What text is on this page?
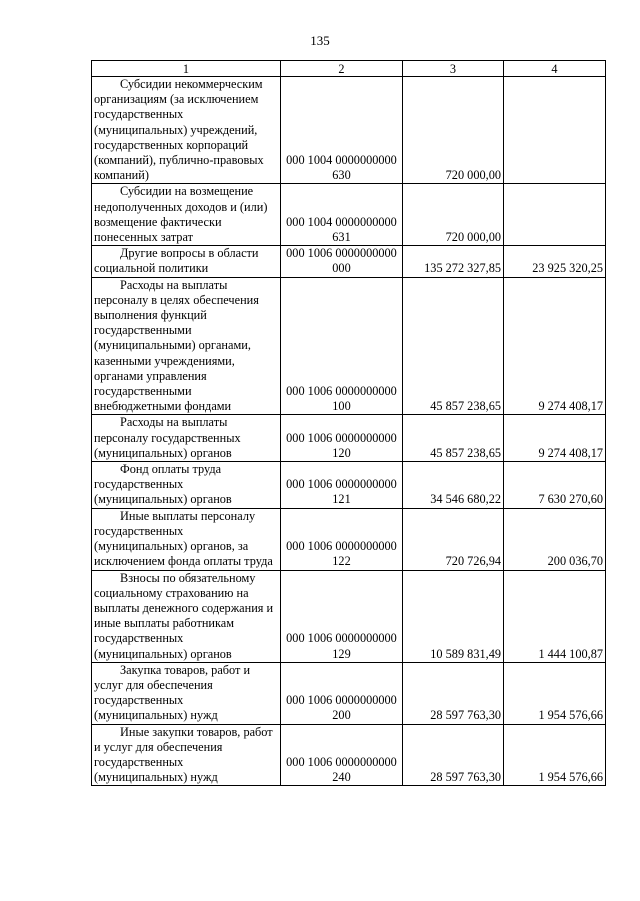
135
1	2	3	4

Субсидии некоммерческим организациям (за исключением государственных (муниципальных) учреждений, государственных корпораций (компаний), публично-правовых компаний)	000 1004 0000000000
630	720 000,00	

Субсидии на возмещение недополученных доходов и (или) возмещение фактически понесенных затрат	000 1004 0000000000
631	720 000,00	

Другие вопросы в области социальной политики	000 1006 0000000000
000	135 272 327,85	23 925 320,25

Расходы на выплаты персоналу в целях обеспечения выполнения функций государственными (муниципальными) органами, казенными учреждениями, органами управления государственными внебюджетными фондами	000 1006 0000000000
100	45 857 238,65	9 274 408,17

Расходы на выплаты персоналу государственных (муниципальных) органов	000 1006 0000000000
120	45 857 238,65	9 274 408,17

Фонд оплаты труда государственных (муниципальных) органов	000 1006 0000000000
121	34 546 680,22	7 630 270,60

Иные выплаты персоналу государственных (муниципальных) органов, за исключением фонда оплаты труда	000 1006 0000000000
122	720 726,94	200 036,70

Взносы по обязательному социальному страхованию на выплаты денежного содержания и иные выплаты работникам государственных (муниципальных) органов	000 1006 0000000000
129	10 589 831,49	1 444 100,87

Закупка товаров, работ и услуг для обеспечения государственных (муниципальных) нужд	000 1006 0000000000
200	28 597 763,30	1 954 576,66

Иные закупки товаров, работ и услуг для обеспечения государственных (муниципальных) нужд	000 1006 0000000000
240	28 597 763,30	1 954 576,66
